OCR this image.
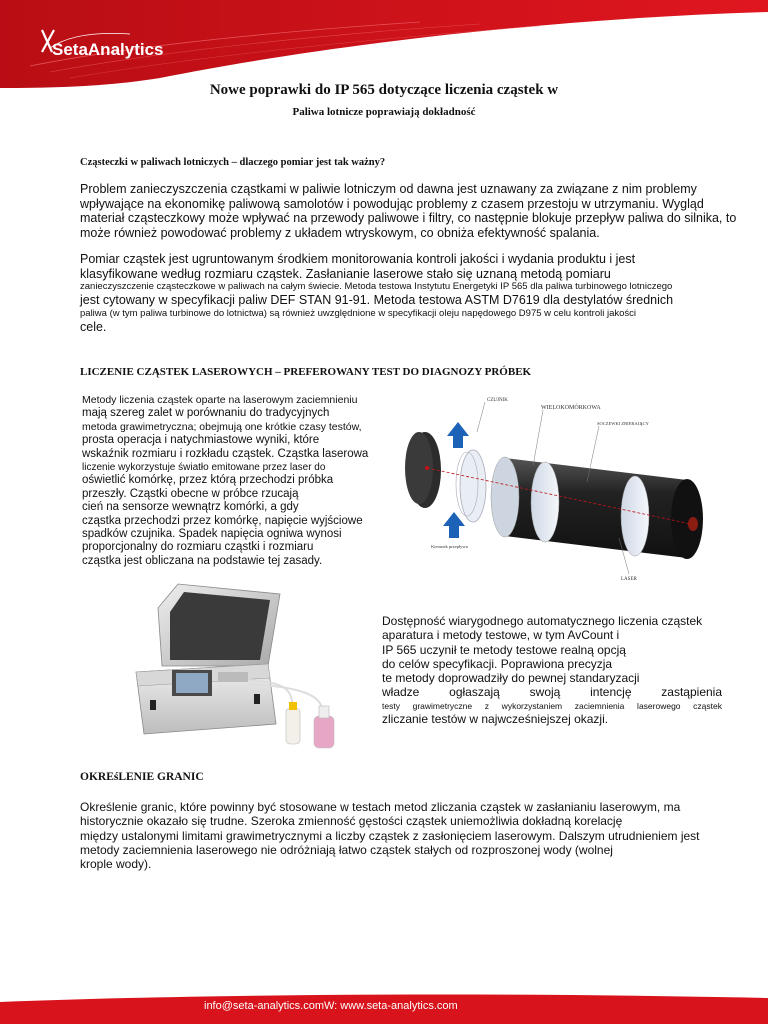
SetaAnalytics
Nowe poprawki do IP 565 dotyczące liczenia cząstek w
Paliwa lotnicze poprawiają dokładność
Cząsteczki w paliwach lotniczych – dlaczego pomiar jest tak ważny?
Problem zanieczyszczenia cząstkami w paliwie lotniczym od dawna jest uznawany za związane z nim problemy
wpływające na ekonomikę paliwową samolotów i powodując problemy z czasem przestoju w utrzymaniu. Wygląd
materiał cząsteczkowy może wpływać na przewody paliwowe i filtry, co następnie blokuje przepływ paliwa do silnika, to
może również powodować problemy z układem wtryskowym, co obniża efektywność spalania.
Pomiar cząstek jest ugruntowanym środkiem monitorowania kontroli jakości i wydania produktu i jest
klasyfikowane według rozmiaru cząstek. Zasłanianie laserowe stało się uznaną metodą pomiaru
zanieczyszczenie cząsteczkowe w paliwach na całym świecie. Metoda testowa Instytutu Energetyki IP 565 dla paliwa turbinowego lotniczego
jest cytowany w specyfikacji paliw DEF STAN 91-91. Metoda testowa ASTM D7619 dla destylatów średnich
paliwa (w tym paliwa turbinowe do lotnictwa) są również uwzględnione w specyfikacji oleju napędowego D975 w celu kontroli jakości
cele.
LICZENIE CZĄSTEK LASEROWYCH – PREFEROWANY TEST DO DIAGNOZY PRÓBEK
Metody liczenia cząstek oparte na laserowym zaciemnieniu
mają szereg zalet w porównaniu do tradycyjnych
metoda grawimetryczna; obejmują one krótkie czasy testów,
prosta operacja i natychmiastowe wyniki, które
wskaźnik rozmiaru i rozkładu cząstek. Cząstka laserowa
liczenie wykorzystuje światło emitowane przez laser do
oświetlić komórkę, przez którą przechodzi próbka
przeszły. Cząstki obecne w próbce rzucają
cień na sensorze wewnątrz komórki, a gdy
cząstka przechodzi przez komórkę, napięcie wyjściowe
spadków czujnika. Spadek napięcia ogniwa wynosi
proporcjonalny do rozmiaru cząstki i rozmiaru
cząstka jest obliczana na podstawie tej zasady.
CZUJNIK
WIELOKOMÓRKOWA
SOCZEWKI ZBIERAJĄCY
Kierunek przepływu
LASER
Dostępność wiarygodnego automatycznego liczenia cząstek
aparatura i metody testowe, w tym AvCount i
IP 565 uczynił te metody testowe realną opcją
do celów specyfikacji. Poprawiona precyzja
te metody doprowadziły do pewnej standaryzacji
władze ogłaszają swoją intencję zastąpienia
testy grawimetryczne z wykorzystaniem zaciemnienia laserowego cząstek
zliczanie testów w najwcześniejszej okazji.
OKREśLENIE GRANIC
Określenie granic, które powinny być stosowane w testach metod zliczania cząstek w zasłanianiu laserowym, ma
historycznie okazało się trudne. Szeroka zmienność gęstości cząstek uniemożliwia dokładną korelację
między ustalonymi limitami grawimetrycznymi a liczby cząstek z zasłonięciem laserowym. Dalszym utrudnieniem jest
metody zaciemnienia laserowego nie odróżniają łatwo cząstek stałych od rozproszonej wody (wolnej
krople wody).
info@seta-analytics.comW: www.seta-analytics.com
